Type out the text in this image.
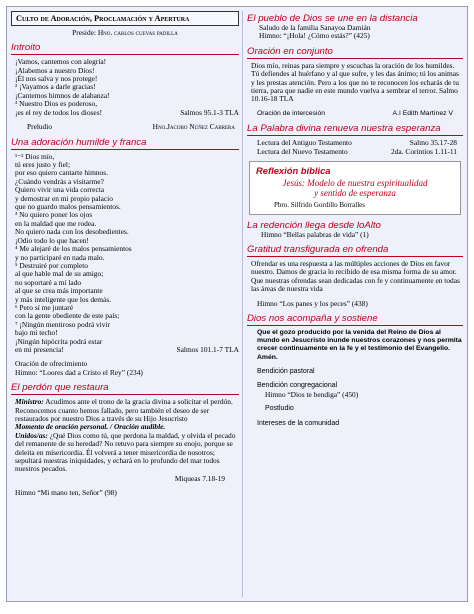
Culto de Adoración, Proclamación y Apertura
Preside: Hno. carlos cuevas padilla
Introito
¡Vamos, cantemos con alegría!
¡Alabemos a nuestro Dios!
¡Él nos salva y nos protege!
² ¡Vayamos a darle gracias!
¡Cantemos himnos de alabanza!
³ Nuestro Dios es poderoso,
¡es el rey de todos los dioses!	Salmos 95.1-3 TLA
Preludio	Hno.Jacobo Núñez Cabrera
Una adoración humilde y franca
¹⁻² Dios mío,
tú eres justo y fiel;
por eso quiero cantarte himnos.
¿Cuándo vendrás a visitarme?
Quiero vivir una vida correcta
y demostrar en mi propio palacio
que no guardo malos pensamientos.
³ No quiero poner los ojos
en la maldad que me rodea.
No quiero nada con los desobedientes.
¡Odio todo lo que hacen!
⁴ Me alejaré de los malos pensamientos
y no participaré en nada malo.
⁵ Destruiré por completo
al que hable mal de su amigo;
no soportaré a mí lado
al que se crea más importante
y más inteligente que los demás.
⁶ Pero sí me juntaré
con la gente obediente de este país;
⁷ ¡Ningún mentiroso podrá vivir
bajo mi techo!
¡Ningún hipócrita podrá estar
en mi presencia!	Salmos 101.1-7 TLA
Oración de ofrecimiento
Himno: “Loores dad a Cristo el Rey” (234)
El perdón que restaura
Ministro: Acudimos ante el trono de la gracia divina a solicitar el perdón. Reconocemos cuanto hemos fallado, pero también el deseo de ser restaurados por nuestro Dios a través de su Hijo Jesucristo
Momento de oración personal. / Oración audible.
Unidos/as: ¿Qué Dios como tú, que perdona la maldad, y olvida el pecado del remanente de su heredad? No retuvo para siempre su enojo, porque se deleita en misericordia. Él volverá a tener misericordia de nosotros; sepultará nuestras iniquidades, y echará en lo profundo del mar todos nuestros pecados.
Miqueas 7.18-19
Himno “Mi mano ten, Señor” (98)
El pueblo de Dios se une en la distancia
Saludo de la familia Sanayoa Damián
Himno: “¡Hola! ¿Cómo estás?” (425)
Oración en conjunto
Dios mío, reinas para siempre y escuchas la oración de los humildes. Tú defiendes al huérfano y al que sufre, y les das ánimo; tú los animas y les prestas atención. Pero a los que no te reconocen los echarás de tu tierra, para que nadie en este mundo vuelva a sembrar el terror. Salmo 10.16-18 TLA
Oración de intercesión	A.I Edith Martínez V
La Palabra divina renueva nuestra esperanza
Lectura del Antiguo Testamento	Salmo 35.17-28
Lectura del Nuevo Testamento	2da. Corintios 1.11-11
Reflexión bíblica
Jesús: Modelo de nuestra espiritualidad
y sentido de esperanza
Pbro. Silfrido Gordillo Borralles
La redención llega desde loAlto
Himno “Bellas palabras de vida” (1)
Gratitud transfigurada en ofrenda
Ofrendar es una respuesta a las múltiples acciones de Dios en favor nuestro. Damos de gracia lo recibido de esa misma forma de su amor. Que nuestras ofrendas sean dedicadas con fe y continuamente en todas las áreas de nuestra vida
Himno “Los panes y los peces” (438)
Dios nos acompaña y sostiene
Que el gozo producido por la venida del Reino de Dios al mundo en Jesucristo inunde nuestros corazones y nos permita crecer continuamente en la fe y el testimonio del Evangelio. Amén.
Bendición pastoral
Bendición congregacional
Himno “Dios te bendiga” (450)
Postludio
Intereses de la comunidad
